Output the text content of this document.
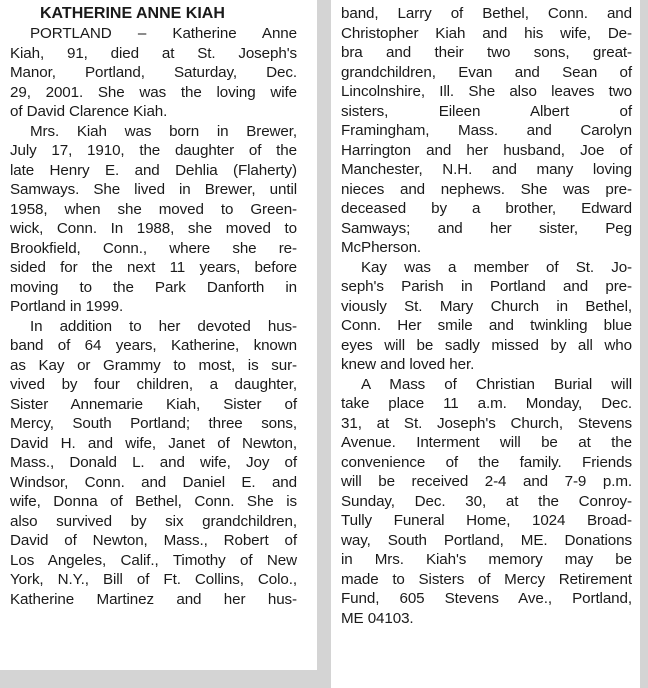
KATHERINE ANNE KIAH
PORTLAND – Katherine Anne
Kiah, 91, died at St. Joseph's
Manor, Portland, Saturday, Dec.
29, 2001. She was the loving wife
of David Clarence Kiah.
Mrs. Kiah was born in Brewer,
July 17, 1910, the daughter of the
late Henry E. and Dehlia (Flaherty)
Samways. She lived in Brewer, until
1958, when she moved to Green-
wick, Conn. In 1988, she moved to
Brookfield, Conn., where she re-
sided for the next 11 years, before
moving to the Park Danforth in
Portland in 1999.
In addition to her devoted hus-
band of 64 years, Katherine, known
as Kay or Grammy to most, is sur-
vived by four children, a daughter,
Sister Annemarie Kiah, Sister of
Mercy, South Portland; three sons,
David H. and wife, Janet of Newton,
Mass., Donald L. and wife, Joy of
Windsor, Conn. and Daniel E. and
wife, Donna of Bethel, Conn. She is
also survived by six grandchildren,
David of Newton, Mass., Robert of
Los Angeles, Calif., Timothy of New
York, N.Y., Bill of Ft. Collins, Colo.,
Katherine Martinez and her hus-
band, Larry of Bethel, Conn. and
Christopher Kiah and his wife, De-
bra and their two sons, great-
grandchildren, Evan and Sean of
Lincolnshire, Ill. She also leaves two
sisters, Eileen Albert of
Framingham, Mass. and Carolyn
Harrington and her husband, Joe of
Manchester, N.H. and many loving
nieces and nephews. She was pre-
deceased by a brother, Edward
Samways; and her sister, Peg
McPherson.
Kay was a member of St. Jo-
seph's Parish in Portland and pre-
viously St. Mary Church in Bethel,
Conn. Her smile and twinkling blue
eyes will be sadly missed by all who
knew and loved her.
A Mass of Christian Burial will
take place 11 a.m. Monday, Dec.
31, at St. Joseph's Church, Stevens
Avenue. Interment will be at the
convenience of the family. Friends
will be received 2-4 and 7-9 p.m.
Sunday, Dec. 30, at the Conroy-
Tully Funeral Home, 1024 Broad-
way, South Portland, ME. Donations
in Mrs. Kiah's memory may be
made to Sisters of Mercy Retirement
Fund, 605 Stevens Ave., Portland,
ME 04103.
